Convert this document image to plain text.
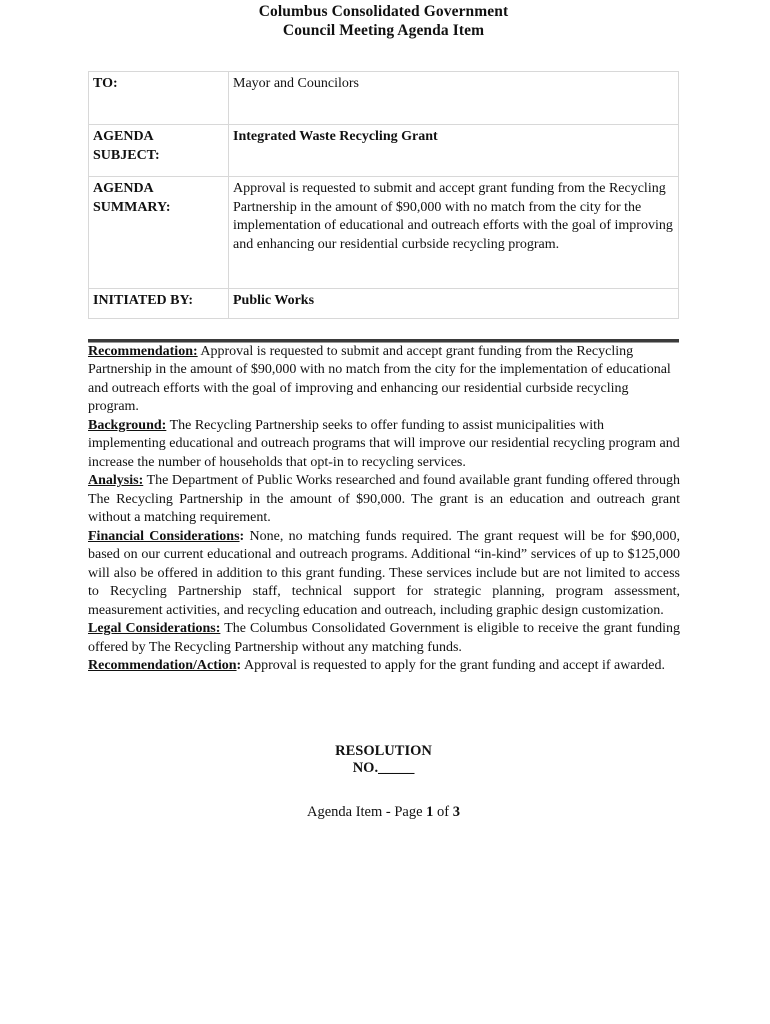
Columbus Consolidated Government
Council Meeting Agenda Item
TO:	Mayor and Councilors
AGENDA SUBJECT:	Integrated Waste Recycling Grant
AGENDA SUMMARY:	Approval is requested to submit and accept grant funding from the Recycling Partnership in the amount of $90,000 with no match from the city for the implementation of educational and outreach efforts with the goal of improving and enhancing our residential curbside recycling program.
INITIATED BY:	Public Works

Recommendation: Approval is requested to submit and accept grant funding from the Recycling Partnership in the amount of $90,000 with no match from the city for the implementation of educational and outreach efforts with the goal of improving and enhancing our residential curbside recycling program.

Background: The Recycling Partnership seeks to offer funding to assist municipalities with implementing educational and outreach programs that will improve our residential recycling program and increase the number of households that opt-in to recycling services.

Analysis: The Department of Public Works researched and found available grant funding offered through The Recycling Partnership in the amount of $90,000. The grant is an education and outreach grant without a matching requirement.

Financial Considerations: None, no matching funds required. The grant request will be for $90,000, based on our current educational and outreach programs. Additional “in-kind” services of up to $125,000 will also be offered in addition to this grant funding. These services include but are not limited to access to Recycling Partnership staff, technical support for strategic planning, program assessment, measurement activities, and recycling education and outreach, including graphic design customization.

Legal Considerations: The Columbus Consolidated Government is eligible to receive the grant funding offered by The Recycling Partnership without any matching funds.

Recommendation/Action: Approval is requested to apply for the grant funding and accept if awarded.

RESOLUTION
NO._____
Agenda Item - Page 1 of 3
